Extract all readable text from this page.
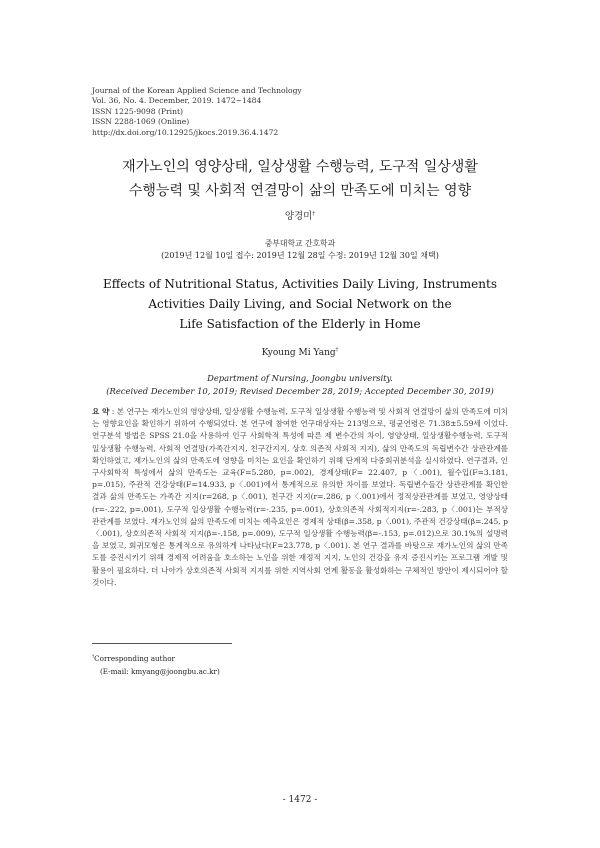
Journal of the Korean Applied Science and Technology
Vol. 36, No. 4. December, 2019. 1472~1484
ISSN 1225-9098 (Print)
ISSN 2288-1069 (Online)
http://dx.doi.org/10.12925/jkocs.2019.36.4.1472
재가노인의 영양상태, 일상생활 수행능력, 도구적 일상생활
수행능력 및 사회적 연결망이 삶의 만족도에 미치는 영향
양경미†
중부대학교 간호학과
(2019년 12월 10일 접수: 2019년 12월 28일 수정: 2019년 12월 30일 채택)
Effects of Nutritional Status, Activities Daily Living, Instruments
Activities Daily Living, and Social Network on the
Life Satisfaction of the Elderly in Home
Kyoung Mi Yang†
Department of Nursing, Joongbu university.
(Received December 10, 2019; Revised December 28, 2019; Accepted December 30, 2019)
요 약 : 본 연구는 재가노인의 영양상태, 일상생활 수행능력, 도구적 일상생활 수행능력 및 사회적 연결망이 삶의 만족도에 미치는 영향요인을 확인하기 위하여 수행되었다. 본 연구에 참여한 연구대상자는 213명으로, 평균연령은 71.38±5.59세 이었다. 연구분석 방법은 SPSS 21.0을 사용하여 인구 사회학적 특성에 따른 제 변수간의 차이, 영양상태, 일상생활수행능력, 도구적 일상생활 수행능력, 사회적 연결망(가족간지지, 친구간지지, 상호 의존적 사회적 지지), 삶의 만족도의 독립변수간 상관관계를 확인하였고, 재가노인의 삶의 만족도에 영향을 미치는 요인을 확인하기 위해 단계적 다중회귀분석을 실시하였다. 연구결과, 인구사회학적 특성에서 삶의 만족도는 교육(F=5.280, p=.002), 경제상태(F= 22.407, p〈.001), 월수입(F=3.181, p=.015), 주관적 건강상태(F=14.933, p〈.001)에서 통계적으로 유의한 차이를 보였다. 독립변수들간 상관관계를 확인한 결과 삶의 만족도는 가족간 지지(r=268, p〈.001), 친구간 지지(r=.286, p〈.001)에서 정적상관관계를 보였고, 영양상태(r=-.222, p=.001), 도구적 일상생활 수행능력(r=-.235, p=.001), 상호의존적 사회적지지(r=-.283, p〈.001)는 부적상관관계를 보였다. 재가노인의 삶의 만족도에 미치는 예측요인은 경제적 상태(β=.358, p〈.001), 주관적 건강상태(β=.245, p〈.001), 상호의존적 사회적 지지(β=-.158, p=.009), 도구적 일상생활 수행능력(β=-.153, p=.012)으로 30.1%의 설명력을 보였고, 회귀모형은 통계적으로 유의하게 나타났다(F=23.778, p〈.001). 본 연구 결과를 바탕으로 재가노인의 삶의 만족도를 증진시키기 위해 경제적 어려움을 호소하는 노인을 위한 재정적 지지, 노인의 건강을 유지 증진시키는 프로그램 개발 및 활용이 필요하다. 더 나아가 상호의존적 사회적 지지를 위한 지역사회 연계 활동을 활성화하는 구체적인 방안이 제시되어야 할 것이다.
†Corresponding author
(E-mail: kmyang@joongbu.ac.kr)
- 1472 -
